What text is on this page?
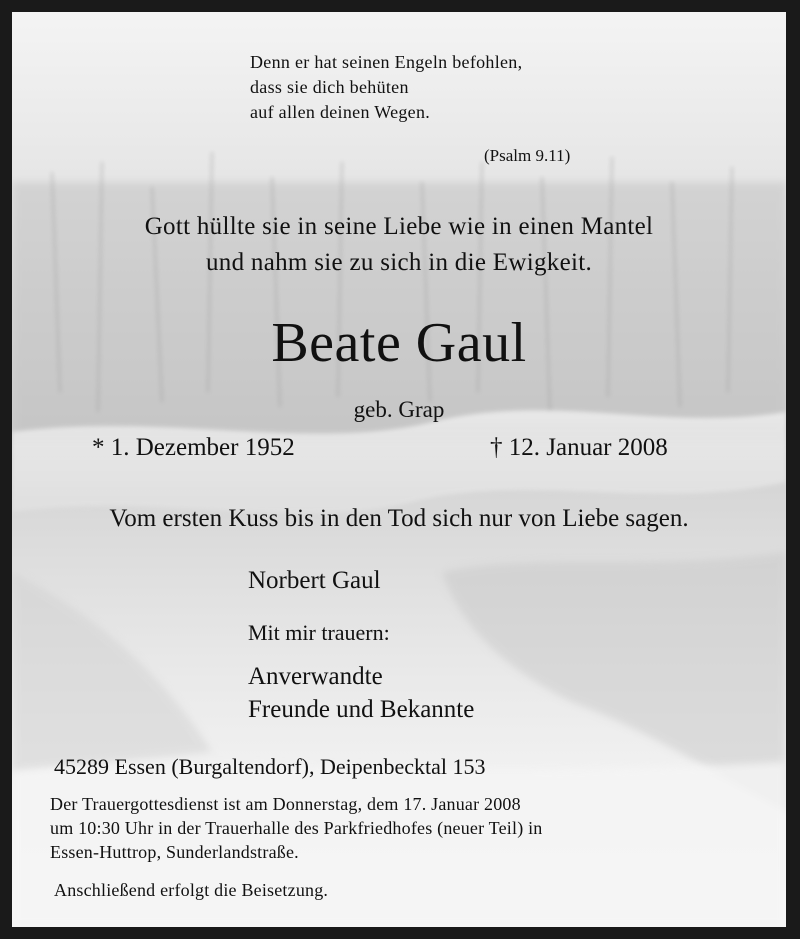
Denn er hat seinen Engeln befohlen,
dass sie dich behüten
auf allen deinen Wegen.
(Psalm 9.11)
Gott hüllte sie in seine Liebe wie in einen Mantel
und nahm sie zu sich in die Ewigkeit.
Beate Gaul
geb. Grap
* 1. Dezember 1952	† 12. Januar 2008
Vom ersten Kuss bis in den Tod sich nur von Liebe sagen.
Norbert Gaul
Mit mir trauern:
Anverwandte
Freunde und Bekannte
45289 Essen (Burgaltendorf), Deipenbecktal 153
Der Trauergottesdienst ist am Donnerstag, dem 17. Januar 2008
um 10:30 Uhr in der Trauerhalle des Parkfriedhofes (neuer Teil) in
Essen-Huttrop, Sunderlandstraße.
Anschließend erfolgt die Beisetzung.
